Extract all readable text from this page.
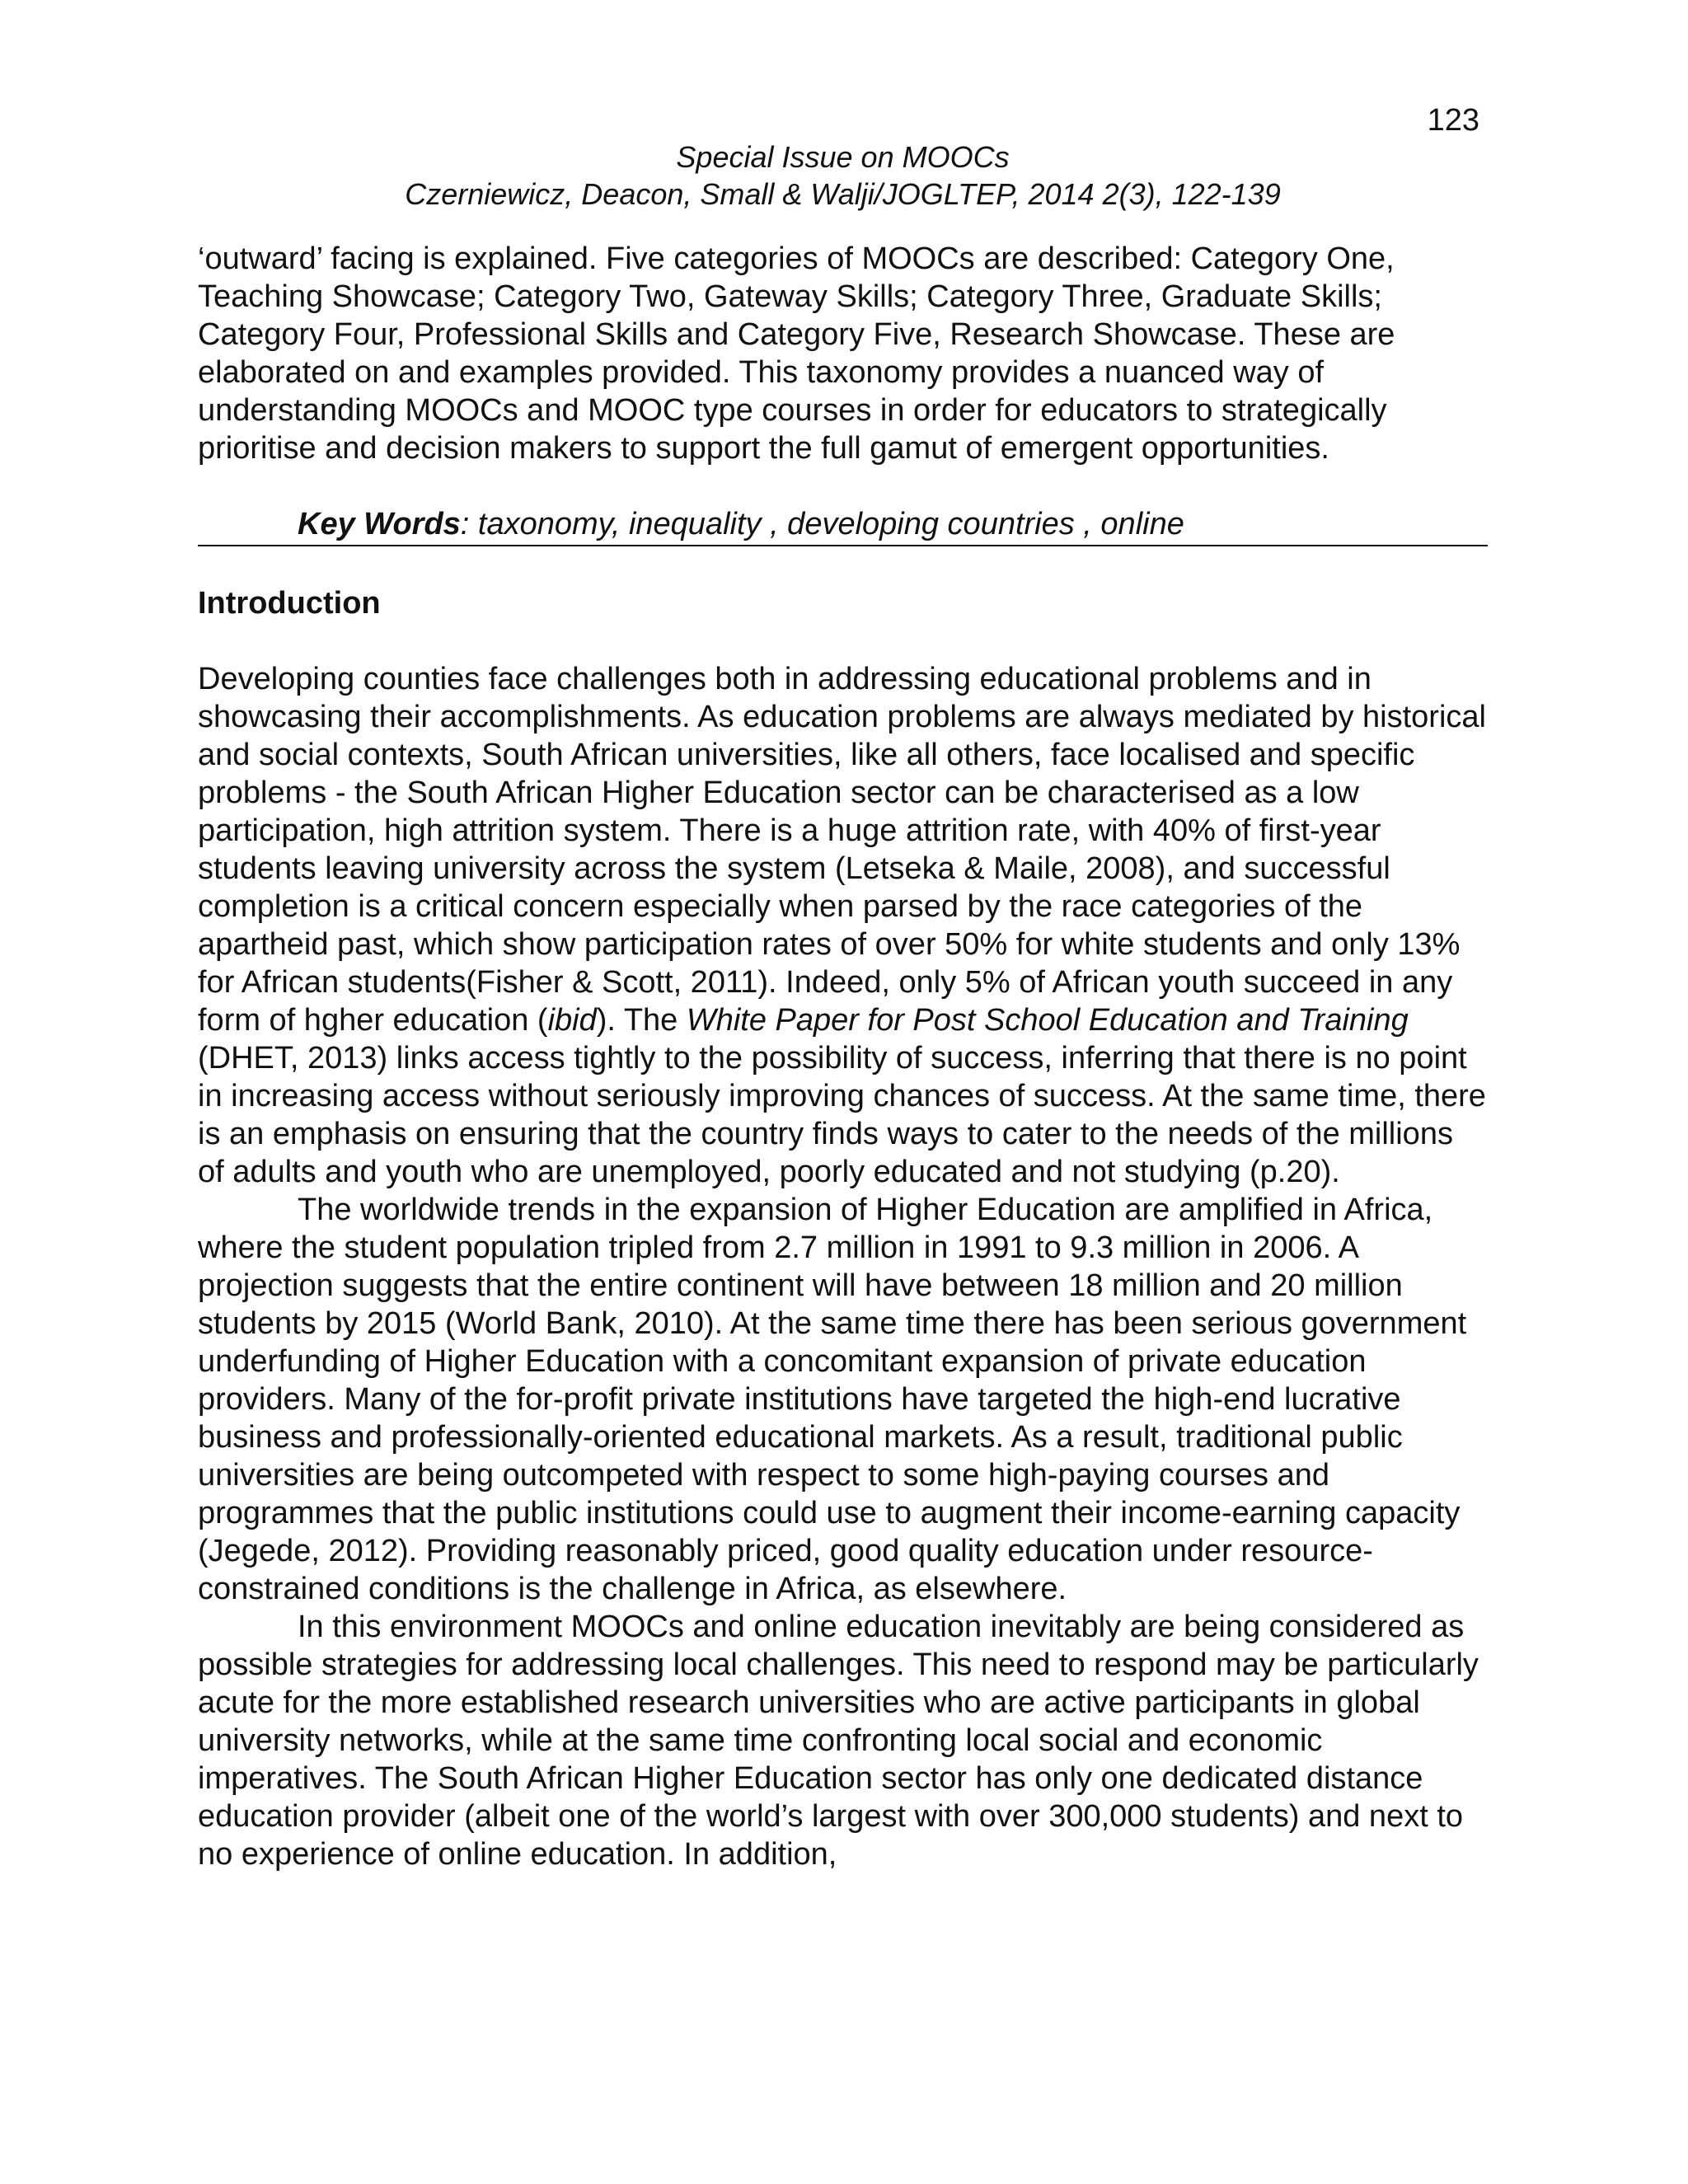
123
Special Issue on MOOCs
Czerniewicz, Deacon, Small & Walji/JOGLTEP, 2014 2(3), 122-139

‘outward’ facing is explained. Five categories of MOOCs are described: Category One, Teaching Showcase; Category Two, Gateway Skills; Category Three, Graduate Skills; Category Four, Professional Skills and Category Five, Research Showcase. These are elaborated on and examples provided. This taxonomy provides a nuanced way of understanding MOOCs and MOOC type courses in order for educators to strategically prioritise and decision makers to support the full gamut of emergent opportunities.

Key Words: taxonomy, inequality , developing countries , online

Introduction

Developing counties face challenges both in addressing educational problems and in showcasing their accomplishments. As education problems are always mediated by historical and social contexts, South African universities, like all others, face localised and specific problems - the South African Higher Education sector can be characterised as a low participation, high attrition system. There is a huge attrition rate, with 40% of first-year students leaving university across the system (Letseka & Maile, 2008), and successful completion is a critical concern especially when parsed by the race categories of the apartheid past, which show participation rates of over 50% for white students and only 13% for African students(Fisher & Scott, 2011). Indeed, only 5% of African youth succeed in any form of hgher education (ibid). The White Paper for Post School Education and Training (DHET, 2013) links access tightly to the possibility of success, inferring that there is no point in increasing access without seriously improving chances of success. At the same time, there is an emphasis on ensuring that the country finds ways to cater to the needs of the millions of adults and youth who are unemployed, poorly educated and not studying (p.20).

The worldwide trends in the expansion of Higher Education are amplified in Africa, where the student population tripled from 2.7 million in 1991 to 9.3 million in 2006. A projection suggests that the entire continent will have between 18 million and 20 million students by 2015 (World Bank, 2010). At the same time there has been serious government underfunding of Higher Education with a concomitant expansion of private education providers. Many of the for-profit private institutions have targeted the high-end lucrative business and professionally-oriented educational markets. As a result, traditional public universities are being outcompeted with respect to some high-paying courses and programmes that the public institutions could use to augment their income-earning capacity (Jegede, 2012). Providing reasonably priced, good quality education under resource-constrained conditions is the challenge in Africa, as elsewhere.

In this environment MOOCs and online education inevitably are being considered as possible strategies for addressing local challenges. This need to respond may be particularly acute for the more established research universities who are active participants in global university networks, while at the same time confronting local social and economic imperatives. The South African Higher Education sector has only one dedicated distance education provider (albeit one of the world’s largest with over 300,000 students) and next to no experience of online education. In addition,
